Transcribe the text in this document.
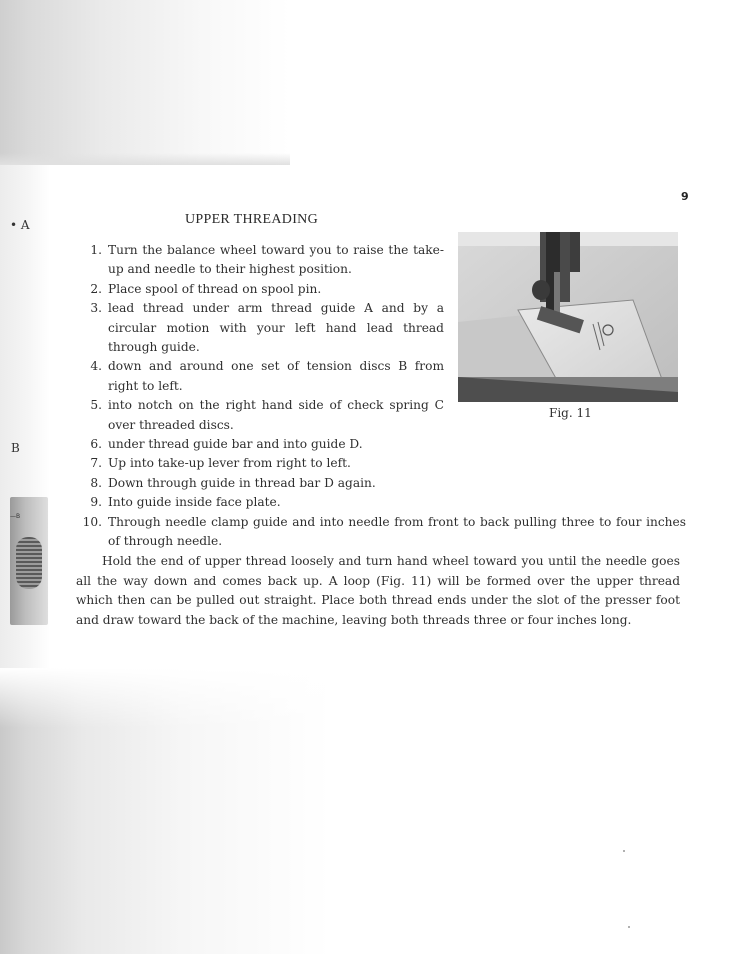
—B
• A
B
9
UPPER THREADING
Fig. 11
1. Turn the balance wheel toward you to raise the take-up and needle to their highest position.
2. Place spool of thread on spool pin.
3. lead thread under arm thread guide A and by a circular motion with your left hand lead thread through guide.
4. down and around one set of tension discs B from right to left.
5. into notch on the right hand side of check spring C over threaded discs.
6. under thread guide bar and into guide D.
7. Up into take-up lever from right to left.
8. Down through guide in thread bar D again.
9. Into guide inside face plate.
10. Through needle clamp guide and into needle from front to back pulling three to four inches of through needle.

Hold the end of upper thread loosely and turn hand wheel toward you until the needle goes all the way down and comes back up. A loop (Fig. 11) will be formed over the upper thread which then can be pulled out straight. Place both thread ends under the slot of the presser foot and draw toward the back of the machine, leaving both threads three or four inches long.
